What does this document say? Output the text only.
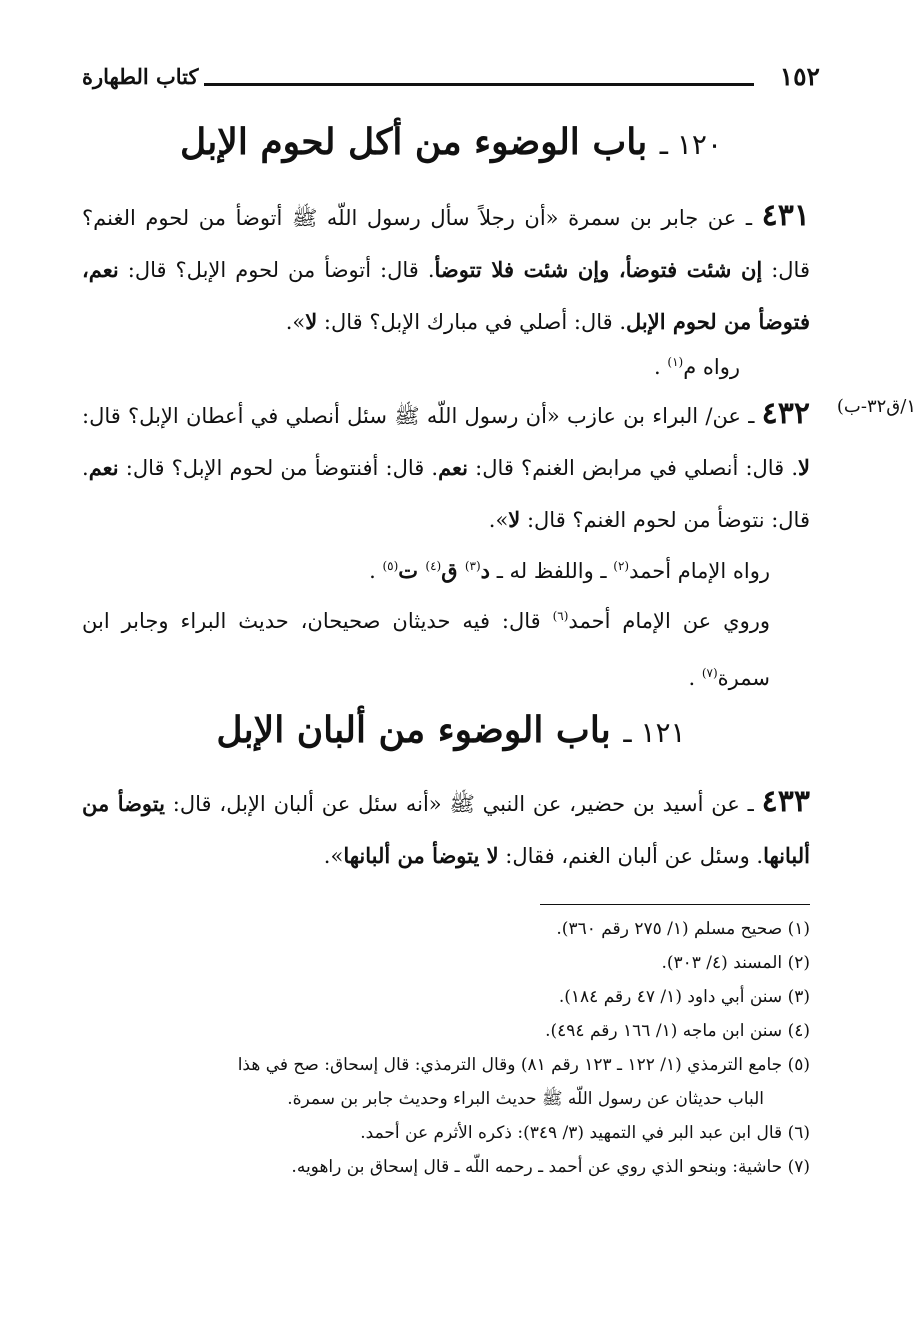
١٥٢
كتاب الطهارة
١٢٠ ـ باب الوضوء من أكل لحوم الإبل
٤٣١ ـ عن جابر بن سمرة «أن رجلاً سأل رسول اللّه ﷺ أتوضأ من لحوم الغنم؟ قال: إن شئت فتوضأ، وإن شئت فلا تتوضأ. قال: أتوضأ من لحوم الإبل؟ قال: نعم، فتوضأ من لحوم الإبل. قال: أصلي في مبارك الإبل؟ قال: لا».
رواه م$^{(١)}$ .
١/ق٣٢-ب)
٤٣٢ ـ عن/ البراء بن عازب «أن رسول اللّه ﷺ سئل أنصلي في أعطان الإبل؟ قال: لا. قال: أنصلي في مرابض الغنم؟ قال: نعم. قال: أفنتوضأ من لحوم الإبل؟ قال: نعم. قال: نتوضأ من لحوم الغنم؟ قال: لا».
رواه الإمام أحمد$^{(٢)}$ ـ واللفظ له ـ د$^{(٣)}$ ق$^{(٤)}$ ت$^{(٥)}$ .
وروي عن الإمام أحمد$^{(٦)}$ قال: فيه حديثان صحيحان، حديث البراء وجابر ابن سمرة$^{(٧)}$ .
١٢١ ـ باب الوضوء من ألبان الإبل
٤٣٣ ـ عن أسيد بن حضير، عن النبي ﷺ «أنه سئل عن ألبان الإبل، قال: يتوضأ من ألبانها. وسئل عن ألبان الغنم، فقال: لا يتوضأ من ألبانها».
(١) صحيح مسلم (١/ ٢٧٥ رقم ٣٦٠).
(٢) المسند (٤/ ٣٠٣).
(٣) سنن أبي داود (١/ ٤٧ رقم ١٨٤).
(٤) سنن ابن ماجه (١/ ١٦٦ رقم ٤٩٤).
(٥) جامع الترمذي (١/ ١٢٢ ـ ١٢٣ رقم ٨١) وقال الترمذي: قال إسحاق: صح في هذا
الباب حديثان عن رسول اللّه ﷺ حديث البراء وحديث جابر بن سمرة.
(٦) قال ابن عبد البر في التمهيد (٣/ ٣٤٩): ذكره الأثرم عن أحمد.
(٧) حاشية: وبنحو الذي روي عن أحمد ـ رحمه اللّه ـ قال إسحاق بن راهويه.
